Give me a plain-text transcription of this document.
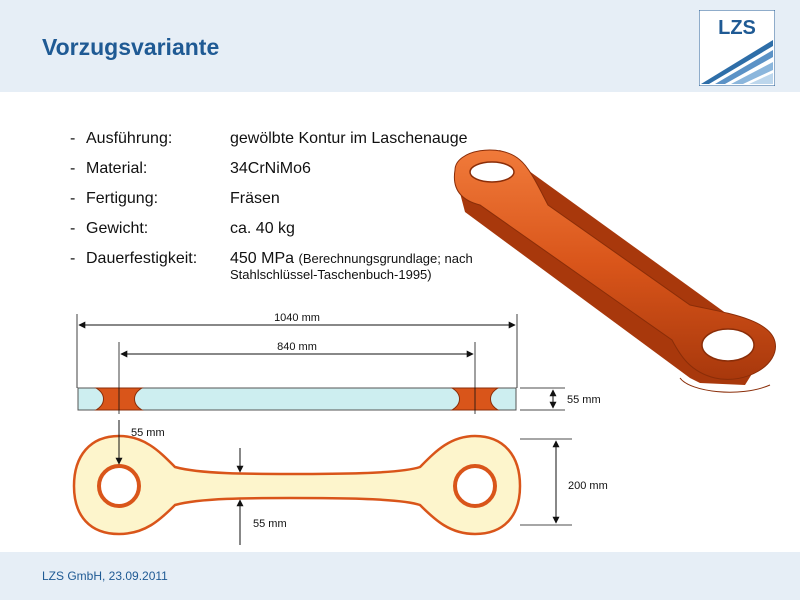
Vorzugsvariante
LZS
- Ausführung:	gewölbte Kontur im Laschenauge
- Material:	34CrNiMo6
- Fertigung:	Fräsen
- Gewicht:	ca. 40 kg
- Dauerfestigkeit: 450 MPa (Berechnungsgrundlage; nach
Stahlschlüssel-Taschenbuch-1995)
1040 mm
840 mm
55 mm
200 mm
55 mm
55 mm
LZS GmbH, 23.09.2011
